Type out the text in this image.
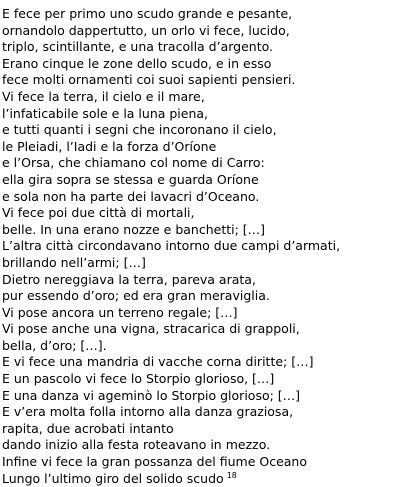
E fece per primo uno scudo grande e pesante,
ornandolo dappertutto, un orlo vi fece, lucido,
triplo, scintillante, e una tracolla d’argento.
Erano cinque le zone dello scudo, e in esso
fece molti ornamenti coi suoi sapienti pensieri.
Vi fece la terra, il cielo e il mare,
l’infaticabile sole e la luna piena,
e tutti quanti i segni che incoronano il cielo,
le Pleiadi, l’Iadi e la forza d’Oríone
e l’Orsa, che chiamano col nome di Carro:
ella gira sopra se stessa e guarda Oríone
e sola non ha parte dei lavacri d’Oceano.
Vi fece poi due città di mortali,
belle. In una erano nozze e banchetti; […]
L’altra città circondavano intorno due campi d’armati,
brillando nell’armi; […]
Dietro nereggiava la terra, pareva arata,
pur essendo d’oro; ed era gran meraviglia.
Vi pose ancora un terreno regale; […]
Vi pose anche una vigna, stracarica di grappoli,
bella, d’oro; […].
E vi fece una mandria di vacche corna diritte; […]
E un pascolo vi fece lo Storpio glorioso, […]
E una danza vi ageminò lo Storpio glorioso; […]
E v’era molta folla intorno alla danza graziosa,
rapita, due acrobati intanto
dando inizio alla festa roteavano in mezzo.
Infine vi fece la gran possanza del fiume Oceano
Lungo l’ultimo giro del solido scudo $^{18}$
